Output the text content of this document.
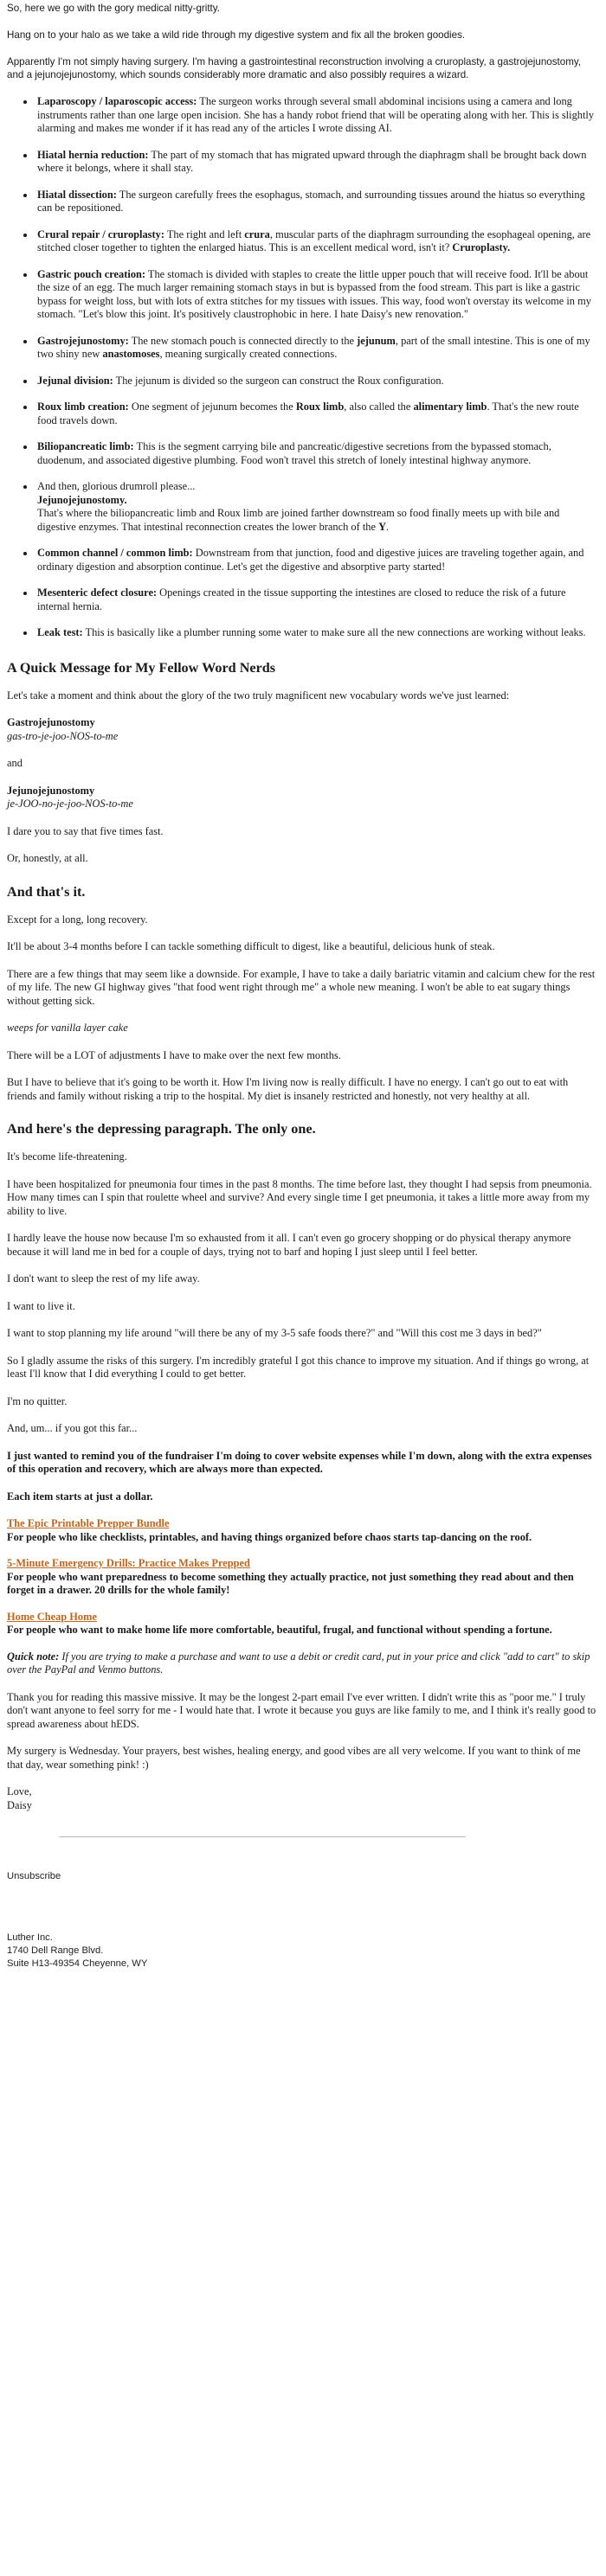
So, here we go with the gory medical nitty-gritty.

Hang on to your halo as we take a wild ride through my digestive system and fix all the broken goodies.

Apparently I'm not simply having surgery. I'm having a gastrointestinal reconstruction involving a cruroplasty, a gastrojejunostomy, and a jejunojejunostomy, which sounds considerably more dramatic and also possibly requires a wizard.

• Laparoscopy / laparoscopic access: The surgeon works through several small abdominal incisions using a camera and long instruments rather than one large open incision. She has a handy robot friend that will be operating along with her. This is slightly alarming and makes me wonder if it has read any of the articles I wrote dissing AI.
• Hiatal hernia reduction: The part of my stomach that has migrated upward through the diaphragm shall be brought back down where it belongs, where it shall stay.
• Hiatal dissection: The surgeon carefully frees the esophagus, stomach, and surrounding tissues around the hiatus so everything can be repositioned.
• Crural repair / cruroplasty: The right and left crura, muscular parts of the diaphragm surrounding the esophageal opening, are stitched closer together to tighten the enlarged hiatus. This is an excellent medical word, isn't it? Cruroplasty.
• Gastric pouch creation: The stomach is divided with staples to create the little upper pouch that will receive food. It'll be about the size of an egg. The much larger remaining stomach stays in but is bypassed from the food stream. This part is like a gastric bypass for weight loss, but with lots of extra stitches for my tissues with issues. This way, food won't overstay its welcome in my stomach. "Let's blow this joint. It's positively claustrophobic in here. I hate Daisy's new renovation."
• Gastrojejunostomy: The new stomach pouch is connected directly to the jejunum, part of the small intestine. This is one of my two shiny new anastomoses, meaning surgically created connections.
• Jejunal division: The jejunum is divided so the surgeon can construct the Roux configuration.
• Roux limb creation: One segment of jejunum becomes the Roux limb, also called the alimentary limb. That's the new route food travels down.
• Biliopancreatic limb: This is the segment carrying bile and pancreatic/digestive secretions from the bypassed stomach, duodenum, and associated digestive plumbing. Food won't travel this stretch of lonely intestinal highway anymore.
• And then, glorious drumroll please...
Jejunojejunostomy.
That's where the biliopancreatic limb and Roux limb are joined farther downstream so food finally meets up with bile and digestive enzymes. That intestinal reconnection creates the lower branch of the Y.
• Common channel / common limb: Downstream from that junction, food and digestive juices are traveling together again, and ordinary digestion and absorption continue. Let's get the digestive and absorptive party started!
• Mesenteric defect closure: Openings created in the tissue supporting the intestines are closed to reduce the risk of a future internal hernia.
• Leak test: This is basically like a plumber running some water to make sure all the new connections are working without leaks.
A Quick Message for My Fellow Word Nerds

Let's take a moment and think about the glory of the two truly magnificent new vocabulary words we've just learned:

Gastrojejunostomy
gas-tro-je-joo-NOS-to-me

and

Jejunojejunostomy
je-JOO-no-je-joo-NOS-to-me

I dare you to say that five times fast.

Or, honestly, at all.

And that's it.

Except for a long, long recovery.

It'll be about 3-4 months before I can tackle something difficult to digest, like a beautiful, delicious hunk of steak.

There are a few things that may seem like a downside. For example, I have to take a daily bariatric vitamin and calcium chew for the rest of my life. The new GI highway gives "that food went right through me" a whole new meaning. I won't be able to eat sugary things without getting sick.

weeps for vanilla layer cake

There will be a LOT of adjustments I have to make over the next few months.

But I have to believe that it's going to be worth it. How I'm living now is really difficult. I have no energy. I can't go out to eat with friends and family without risking a trip to the hospital. My diet is insanely restricted and honestly, not very healthy at all.

And here's the depressing paragraph. The only one.

It's become life-threatening.

I have been hospitalized for pneumonia four times in the past 8 months. The time before last, they thought I had sepsis from pneumonia. How many times can I spin that roulette wheel and survive? And every single time I get pneumonia, it takes a little more away from my ability to live.

I hardly leave the house now because I'm so exhausted from it all. I can't even go grocery shopping or do physical therapy anymore because it will land me in bed for a couple of days, trying not to barf and hoping I just sleep until I feel better.

I don't want to sleep the rest of my life away.

I want to live it.

I want to stop planning my life around "will there be any of my 3-5 safe foods there?" and "Will this cost me 3 days in bed?"

So I gladly assume the risks of this surgery. I'm incredibly grateful I got this chance to improve my situation. And if things go wrong, at least I'll know that I did everything I could to get better.

I'm no quitter.

And, um... if you got this far...

I just wanted to remind you of the fundraiser I'm doing to cover website expenses while I'm down, along with the extra expenses of this operation and recovery, which are always more than expected.

Each item starts at just a dollar.

The Epic Printable Prepper Bundle
For people who like checklists, printables, and having things organized before chaos starts tap-dancing on the roof.
5-Minute Emergency Drills: Practice Makes Prepped
For people who want preparedness to become something they actually practice, not just something they read about and then forget in a drawer. 20 drills for the whole family!
Home Cheap Home
For people who want to make home life more comfortable, beautiful, frugal, and functional without spending a fortune.

Quick note: If you are trying to make a purchase and want to use a debit or credit card, put in your price and click "add to cart" to skip over the PayPal and Venmo buttons.

Thank you for reading this massive missive. It may be the longest 2-part email I've ever written. I didn't write this as "poor me." I truly don't want anyone to feel sorry for me - I would hate that. I wrote it because you guys are like family to me, and I think it's really good to spread awareness about hEDS.

My surgery is Wednesday. Your prayers, best wishes, healing energy, and good vibes are all very welcome. If you want to think of me that day, wear something pink! :)

Love,
Daisy

Unsubscribe
Luther Inc.
1740 Dell Range Blvd.
Suite H13-49354 Cheyenne, WY
